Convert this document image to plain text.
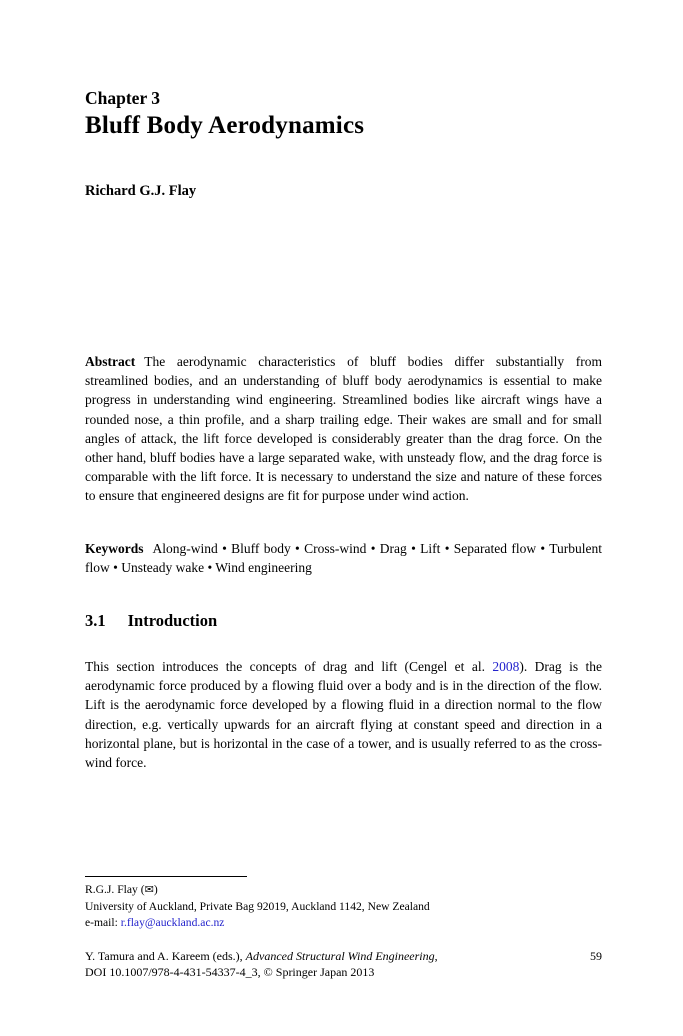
Chapter 3
Bluff Body Aerodynamics
Richard G.J. Flay
Abstract The aerodynamic characteristics of bluff bodies differ substantially from streamlined bodies, and an understanding of bluff body aerodynamics is essential to make progress in understanding wind engineering. Streamlined bodies like aircraft wings have a rounded nose, a thin profile, and a sharp trailing edge. Their wakes are small and for small angles of attack, the lift force developed is considerably greater than the drag force. On the other hand, bluff bodies have a large separated wake, with unsteady flow, and the drag force is comparable with the lift force. It is necessary to understand the size and nature of these forces to ensure that engineered designs are fit for purpose under wind action.
Keywords Along-wind • Bluff body • Cross-wind • Drag • Lift • Separated flow • Turbulent flow • Unsteady wake • Wind engineering
3.1 Introduction
This section introduces the concepts of drag and lift (Cengel et al. 2008). Drag is the aerodynamic force produced by a flowing fluid over a body and is in the direction of the flow. Lift is the aerodynamic force developed by a flowing fluid in a direction normal to the flow direction, e.g. vertically upwards for an aircraft flying at constant speed and direction in a horizontal plane, but is horizontal in the case of a tower, and is usually referred to as the cross-wind force.
R.G.J. Flay (✉)
University of Auckland, Private Bag 92019, Auckland 1142, New Zealand
e-mail: r.flay@auckland.ac.nz
Y. Tamura and A. Kareem (eds.), Advanced Structural Wind Engineering,
DOI 10.1007/978-4-431-54337-4_3, © Springer Japan 2013
59
